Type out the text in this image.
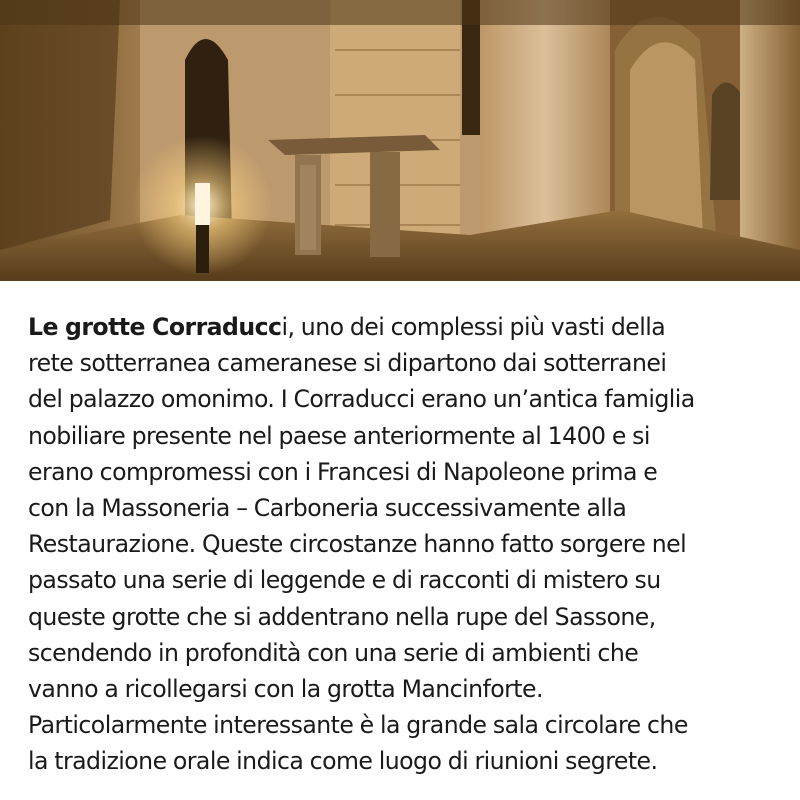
Le grotte Corraducci, uno dei complessi più vasti della
rete sotterranea cameranese si dipartono dai sotterranei
del palazzo omonimo. I Corraducci erano un’antica famiglia
nobiliare presente nel paese anteriormente al 1400 e si
erano compromessi con i Francesi di Napoleone prima e
con la Massoneria – Carboneria successivamente alla
Restaurazione. Queste circostanze hanno fatto sorgere nel
passato una serie di leggende e di racconti di mistero su
queste grotte che si addentrano nella rupe del Sassone,
scendendo in profondità con una serie di ambienti che
vanno a ricollegarsi con la grotta Mancinforte.
Particolarmente interessante è la grande sala circolare che
la tradizione orale indica come luogo di riunioni segrete.
